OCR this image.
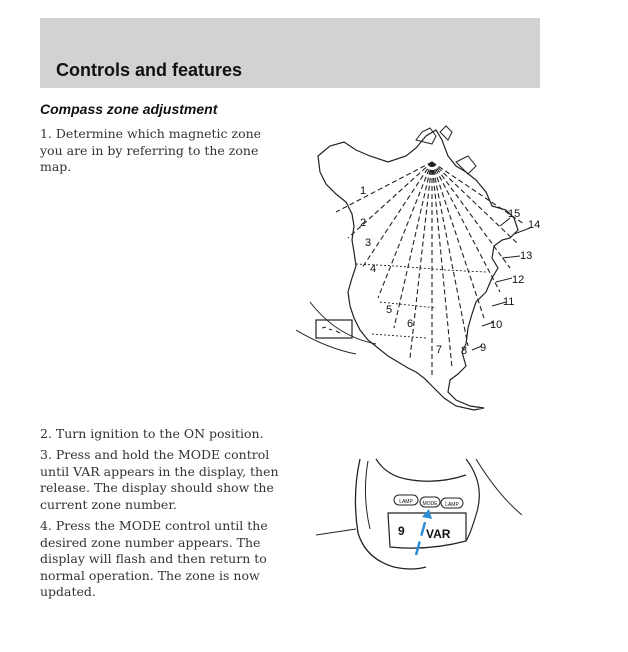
Controls and features
Compass zone adjustment
1. Determine which magnetic zone you are in by referring to the zone map.
2. Turn ignition to the ON position.
3. Press and hold the MODE control until VAR appears in the display, then release. The display should show the current zone number.
4. Press the MODE control until the desired zone number appears. The display will flash and then return to normal operation. The zone is now updated.
1
2
3
4
5
6
7 8 9
10
11
12
13
14
15
LAMP MODE LAMP
9 VAR
